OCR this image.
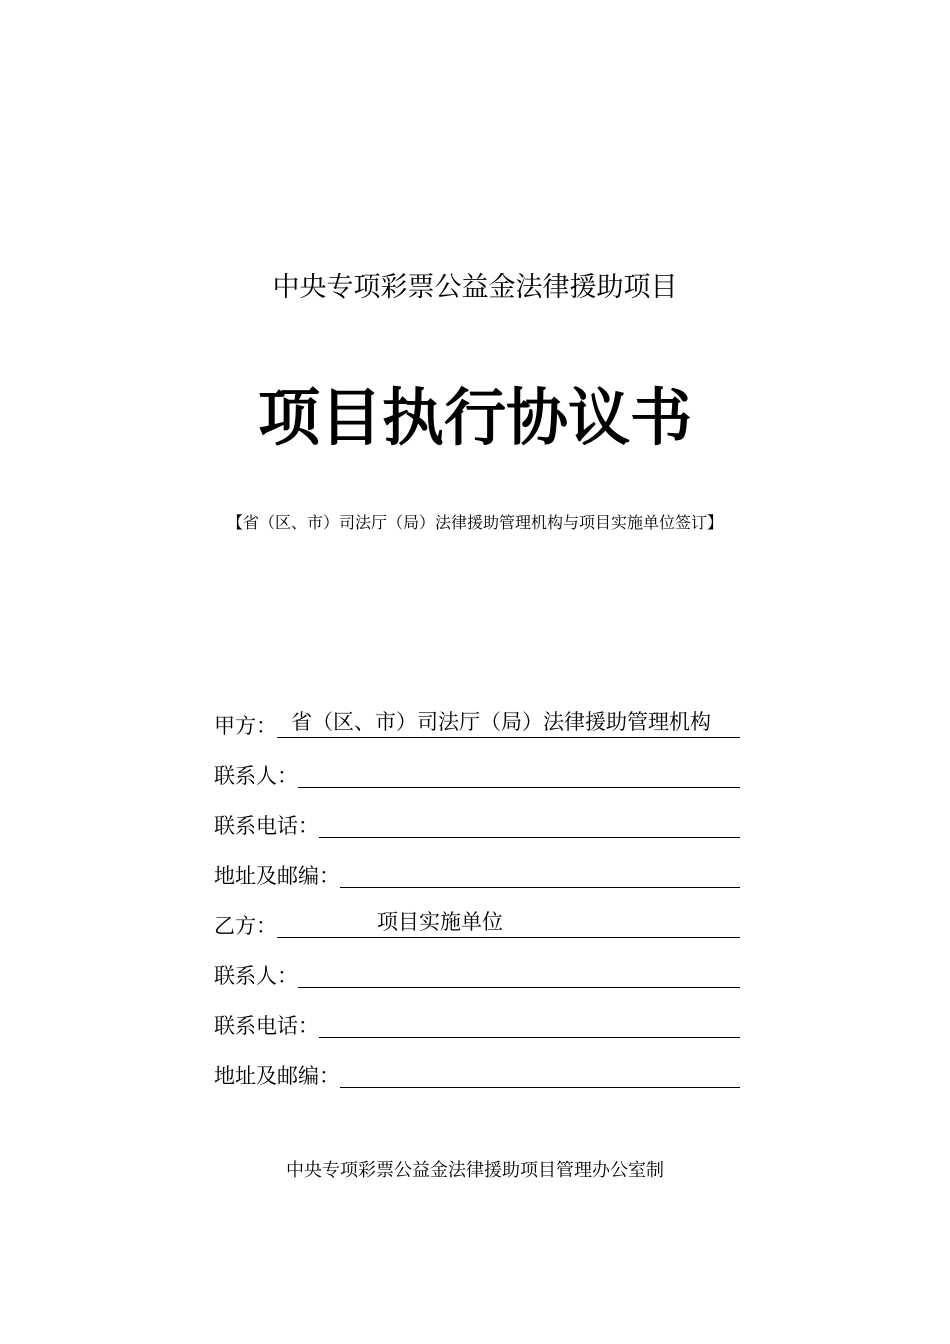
中央专项彩票公益金法律援助项目
项目执行协议书
【省（区、市）司法厅（局）法律援助管理机构与项目实施单位签订】
甲方： 省（区、市）司法厅（局）法律援助管理机构
联系人：
联系电话：
地址及邮编：
乙方：	项目实施单位
联系人：
联系电话：
地址及邮编：
中央专项彩票公益金法律援助项目管理办公室制
